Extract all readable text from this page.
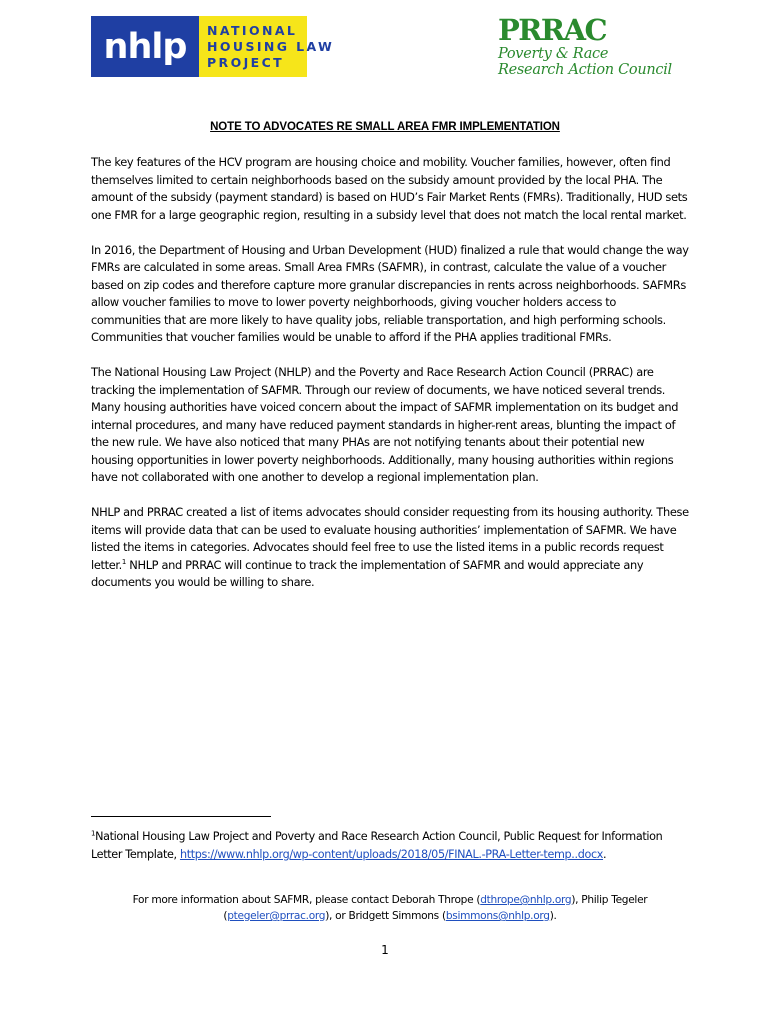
nhlp	NATIONAL
HOUSING LAW
PROJECT
PRRAC
Poverty & Race
Research Action Council
NOTE TO ADVOCATES RE SMALL AREA FMR IMPLEMENTATION

The key features of the HCV program are housing choice and mobility. Voucher families, however, often find themselves limited to certain neighborhoods based on the subsidy amount provided by the local PHA. The amount of the subsidy (payment standard) is based on HUD’s Fair Market Rents (FMRs). Traditionally, HUD sets one FMR for a large geographic region, resulting in a subsidy level that does not match the local rental market.

In 2016, the Department of Housing and Urban Development (HUD) finalized a rule that would change the way FMRs are calculated in some areas. Small Area FMRs (SAFMR), in contrast, calculate the value of a voucher based on zip codes and therefore capture more granular discrepancies in rents across neighborhoods. SAFMRs allow voucher families to move to lower poverty neighborhoods, giving voucher holders access to communities that are more likely to have quality jobs, reliable transportation, and high performing schools. Communities that voucher families would be unable to afford if the PHA applies traditional FMRs.

The National Housing Law Project (NHLP) and the Poverty and Race Research Action Council (PRRAC) are tracking the implementation of SAFMR. Through our review of documents, we have noticed several trends. Many housing authorities have voiced concern about the impact of SAFMR implementation on its budget and internal procedures, and many have reduced payment standards in higher-rent areas, blunting the impact of the new rule. We have also noticed that many PHAs are not notifying tenants about their potential new housing opportunities in lower poverty neighborhoods. Additionally, many housing authorities within regions have not collaborated with one another to develop a regional implementation plan.

NHLP and PRRAC created a list of items advocates should consider requesting from its housing authority. These items will provide data that can be used to evaluate housing authorities’ implementation of SAFMR. We have listed the items in categories. Advocates should feel free to use the listed items in a public records request letter.$^1$ NHLP and PRRAC will continue to track the implementation of SAFMR and would appreciate any documents you would be willing to share.

$^1$National Housing Law Project and Poverty and Race Research Action Council, Public Request for Information Letter Template, https://www.nhlp.org/wp-content/uploads/2018/05/FINAL.-PRA-Letter-temp..docx.
For more information about SAFMR, please contact Deborah Thrope (dthrope@nhlp.org), Philip Tegeler (ptegeler@prrac.org), or Bridgett Simmons (bsimmons@nhlp.org).
1
